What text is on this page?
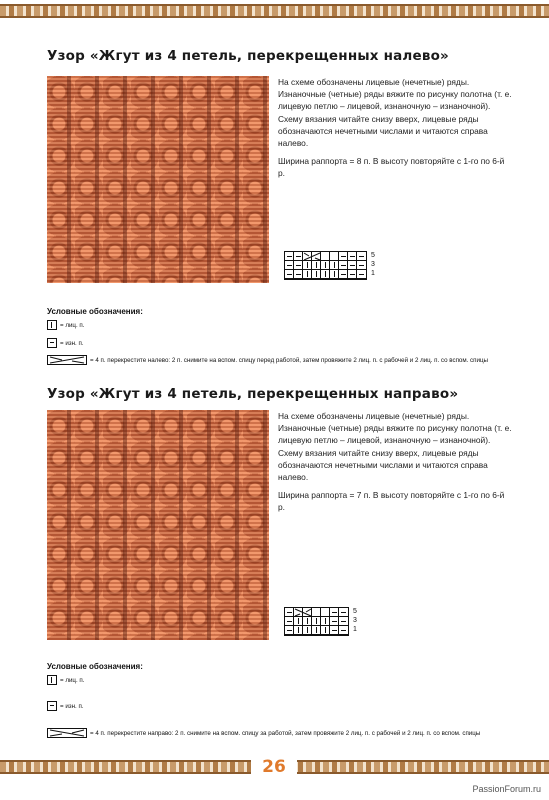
Узор «Жгут из 4 петель, перекрещенных налево»

На схеме обозначены лицевые (нечетные) ряды. Изнаночные (четные) ряды вяжите по рисунку полотна (т. е. лицевую петлю – лицевой, изнаночную – изнаночной). Схему вязания читайте снизу вверх, лицевые ряды обозначаются нечетными числами и читаются справа налево.

Ширина раппорта = 8 п. В высоту повторяйте с 1-го по 6-й р.

5
3
1
Условные обозначения:
= лиц. п.
= изн. п.
= 4 п. перекрестите налево: 2 п. снимите на вспом. спицу перед работой, затем провяжите 2 лиц. п. с рабочей и 2 лиц. п. со вспом. спицы
Узор «Жгут из 4 петель, перекрещенных направо»

На схеме обозначены лицевые (нечетные) ряды. Изнаночные (четные) ряды вяжите по рисунку полотна (т. е. лицевую петлю – лицевой, изнаночную – изнаночной). Схему вязания читайте снизу вверх, лицевые ряды обозначаются нечетными числами и читаются справа налево.

Ширина раппорта = 7 п. В высоту повторяйте с 1-го по 6-й р.

5
3
1
Условные обозначения:
= лиц. п.
= изн. п.
= 4 п. перекрестите направо: 2 п. снимите на вспом. спицу за работой, затем провяжите 2 лиц. п. с рабочей и 2 лиц. п. со вспом. спицы
26
PassionForum.ru
